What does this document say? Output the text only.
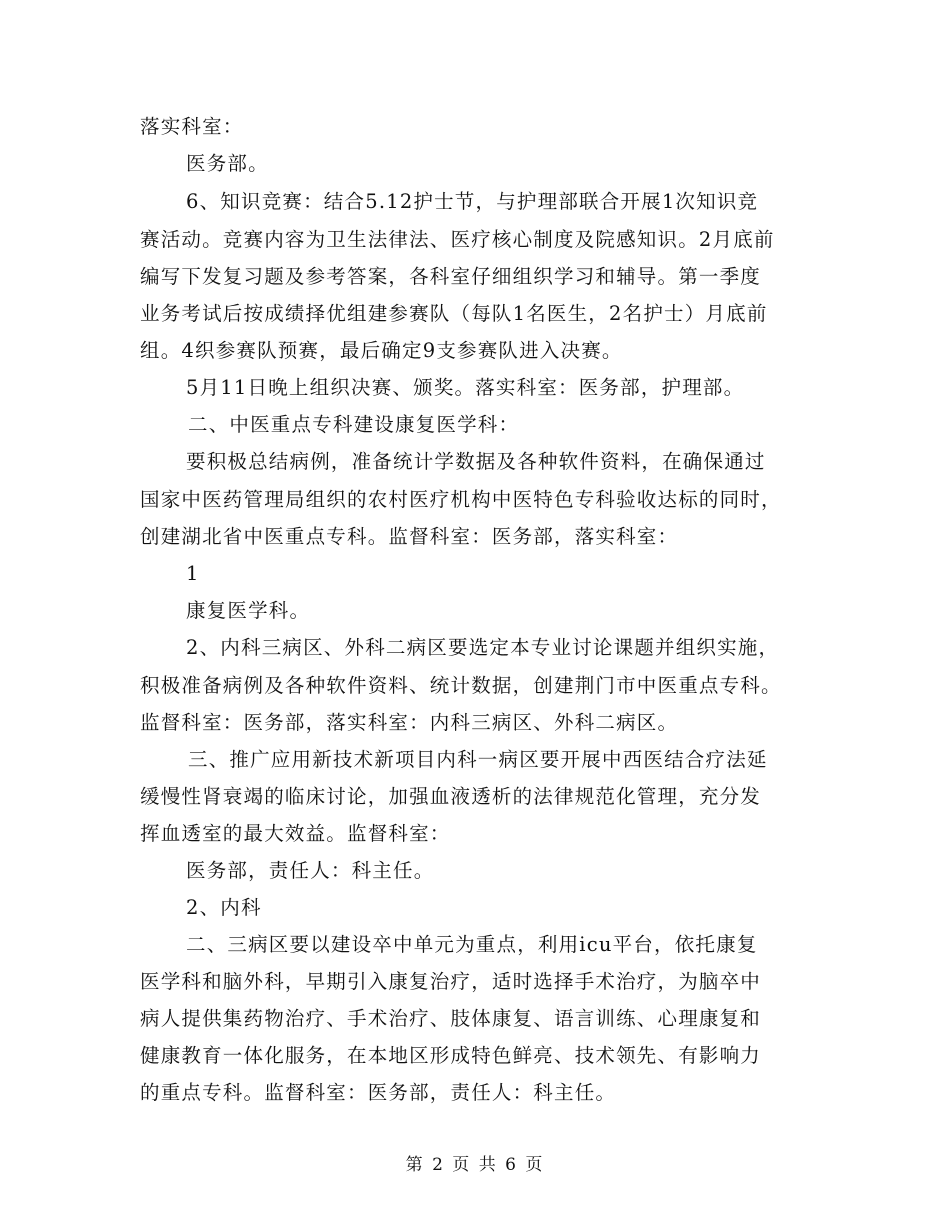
落实科室：
医务部。
6、知识竞赛：结合5.12护士节，与护理部联合开展1次知识竞
赛活动。竞赛内容为卫生法律法、医疗核心制度及院感知识。2月底前
编写下发复习题及参考答案，各科室仔细组织学习和辅导。第一季度
业务考试后按成绩择优组建参赛队（每队1名医生，2名护士）月底前
组。4织参赛队预赛，最后确定9支参赛队进入决赛。
5月11日晚上组织决赛、颁奖。落实科室：医务部，护理部。
二、中医重点专科建设康复医学科：
要积极总结病例，准备统计学数据及各种软件资料，在确保通过
国家中医药管理局组织的农村医疗机构中医特色专科验收达标的同时，
创建湖北省中医重点专科。监督科室：医务部，落实科室：
1
康复医学科。
2、内科三病区、外科二病区要选定本专业讨论课题并组织实施，
积极准备病例及各种软件资料、统计数据，创建荆门市中医重点专科。
监督科室：医务部，落实科室：内科三病区、外科二病区。
三、推广应用新技术新项目内科一病区要开展中西医结合疗法延
缓慢性肾衰竭的临床讨论，加强血液透析的法律规范化管理，充分发
挥血透室的最大效益。监督科室：
医务部，责任人：科主任。
2、内科
二、三病区要以建设卒中单元为重点，利用icu平台，依托康复
医学科和脑外科，早期引入康复治疗，适时选择手术治疗，为脑卒中
病人提供集药物治疗、手术治疗、肢体康复、语言训练、心理康复和
健康教育一体化服务，在本地区形成特色鲜亮、技术领先、有影响力
的重点专科。监督科室：医务部，责任人：科主任。
第 2 页 共 6 页
